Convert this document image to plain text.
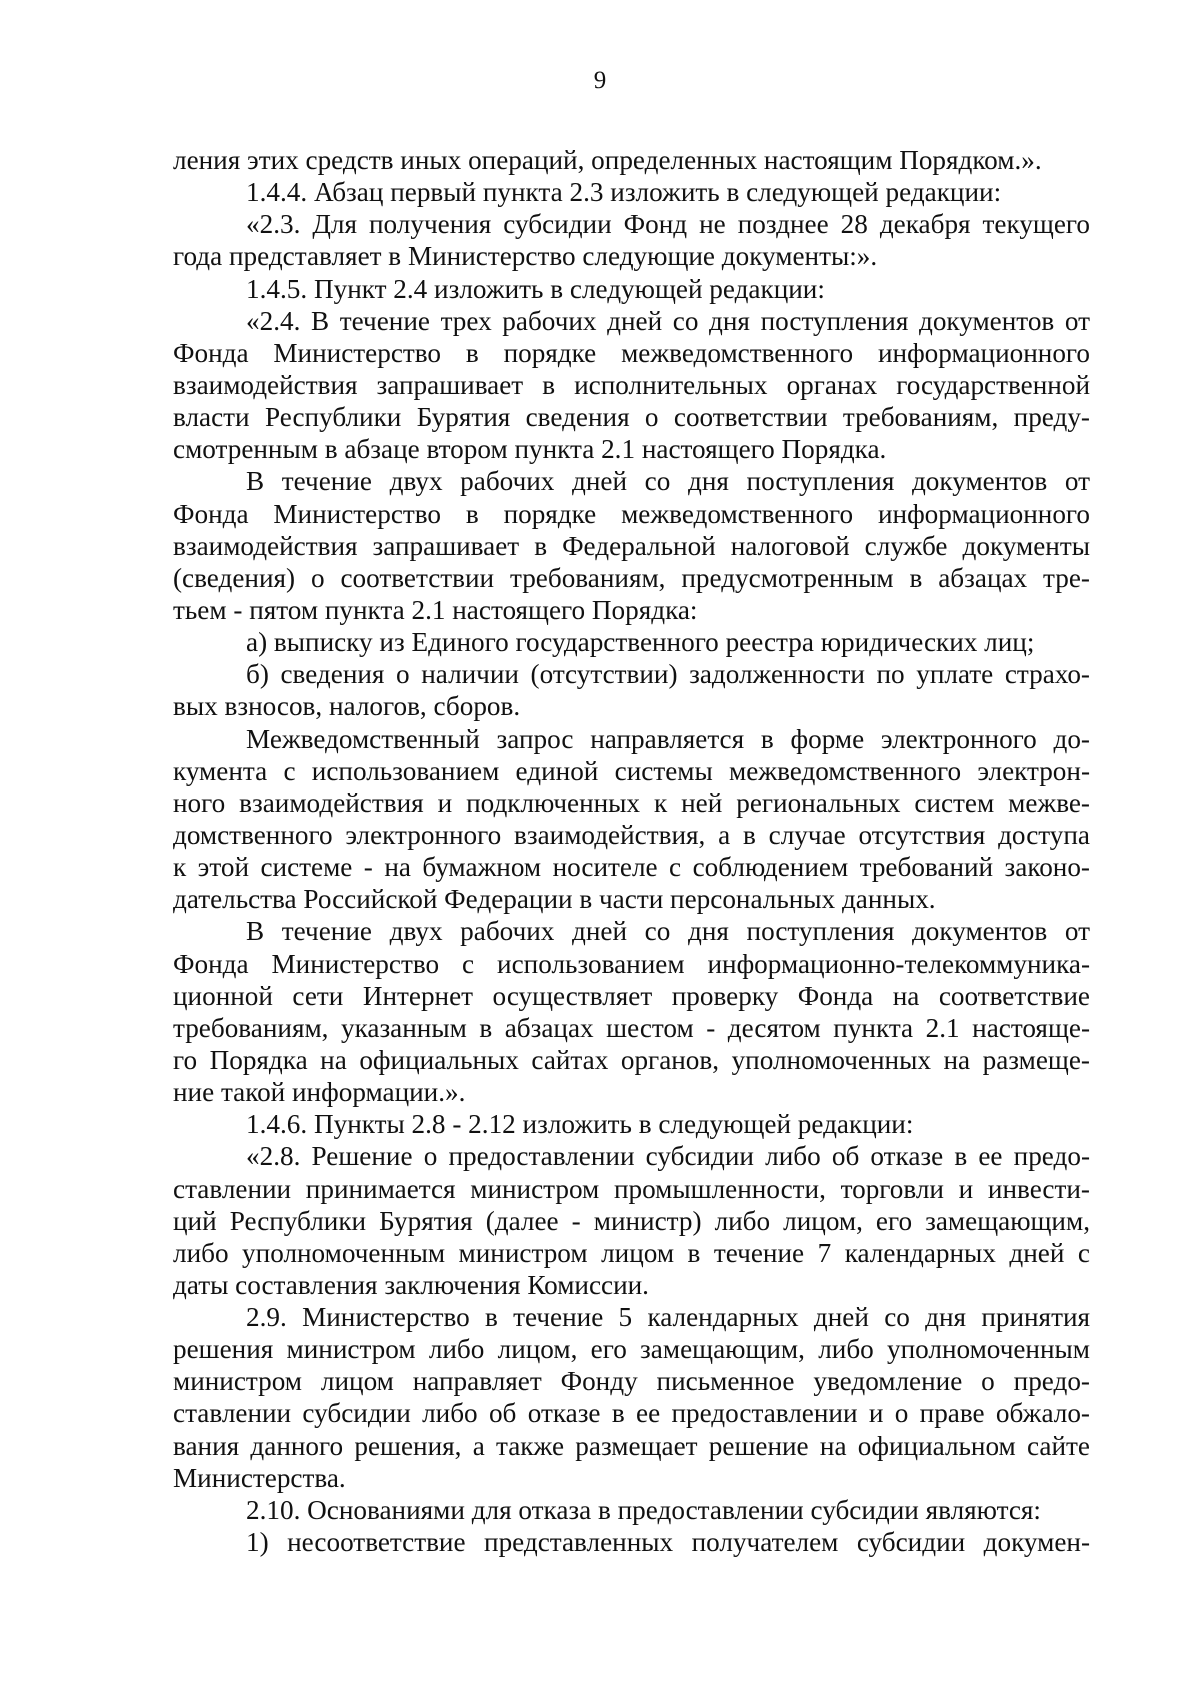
9
ления этих средств иных операций, определенных настоящим Порядком.».
1.4.4. Абзац первый пункта 2.3 изложить в следующей редакции:
«2.3. Для получения субсидии Фонд не позднее 28 декабря текущего
года представляет в Министерство следующие документы:».
1.4.5. Пункт 2.4 изложить в следующей редакции:
«2.4. В течение трех рабочих дней со дня поступления документов от
Фонда Министерство в порядке межведомственного информационного
взаимодействия запрашивает в исполнительных органах государственной
власти Республики Бурятия сведения о соответствии требованиям, преду-
смотренным в абзаце втором пункта 2.1 настоящего Порядка.
В течение двух рабочих дней со дня поступления документов от
Фонда Министерство в порядке межведомственного информационного
взаимодействия запрашивает в Федеральной налоговой службе документы
(сведения) о соответствии требованиям, предусмотренным в абзацах тре-
тьем - пятом пункта 2.1 настоящего Порядка:
а) выписку из Единого государственного реестра юридических лиц;
б) сведения о наличии (отсутствии) задолженности по уплате страхо-
вых взносов, налогов, сборов.
Межведомственный запрос направляется в форме электронного до-
кумента с использованием единой системы межведомственного электрон-
ного взаимодействия и подключенных к ней региональных систем межве-
домственного электронного взаимодействия, а в случае отсутствия доступа
к этой системе - на бумажном носителе с соблюдением требований законо-
дательства Российской Федерации в части персональных данных.
В течение двух рабочих дней со дня поступления документов от
Фонда Министерство с использованием информационно-телекоммуника-
ционной сети Интернет осуществляет проверку Фонда на соответствие
требованиям, указанным в абзацах шестом - десятом пункта 2.1 настояще-
го Порядка на официальных сайтах органов, уполномоченных на размеще-
ние такой информации.».
1.4.6. Пункты 2.8 - 2.12 изложить в следующей редакции:
«2.8. Решение о предоставлении субсидии либо об отказе в ее предо-
ставлении принимается министром промышленности, торговли и инвести-
ций Республики Бурятия (далее - министр) либо лицом, его замещающим,
либо уполномоченным министром лицом в течение 7 календарных дней с
даты составления заключения Комиссии.
2.9. Министерство в течение 5 календарных дней со дня принятия
решения министром либо лицом, его замещающим, либо уполномоченным
министром лицом направляет Фонду письменное уведомление о предо-
ставлении субсидии либо об отказе в ее предоставлении и о праве обжало-
вания данного решения, а также размещает решение на официальном сайте
Министерства.
2.10. Основаниями для отказа в предоставлении субсидии являются:
1) несоответствие представленных получателем субсидии докумен-
